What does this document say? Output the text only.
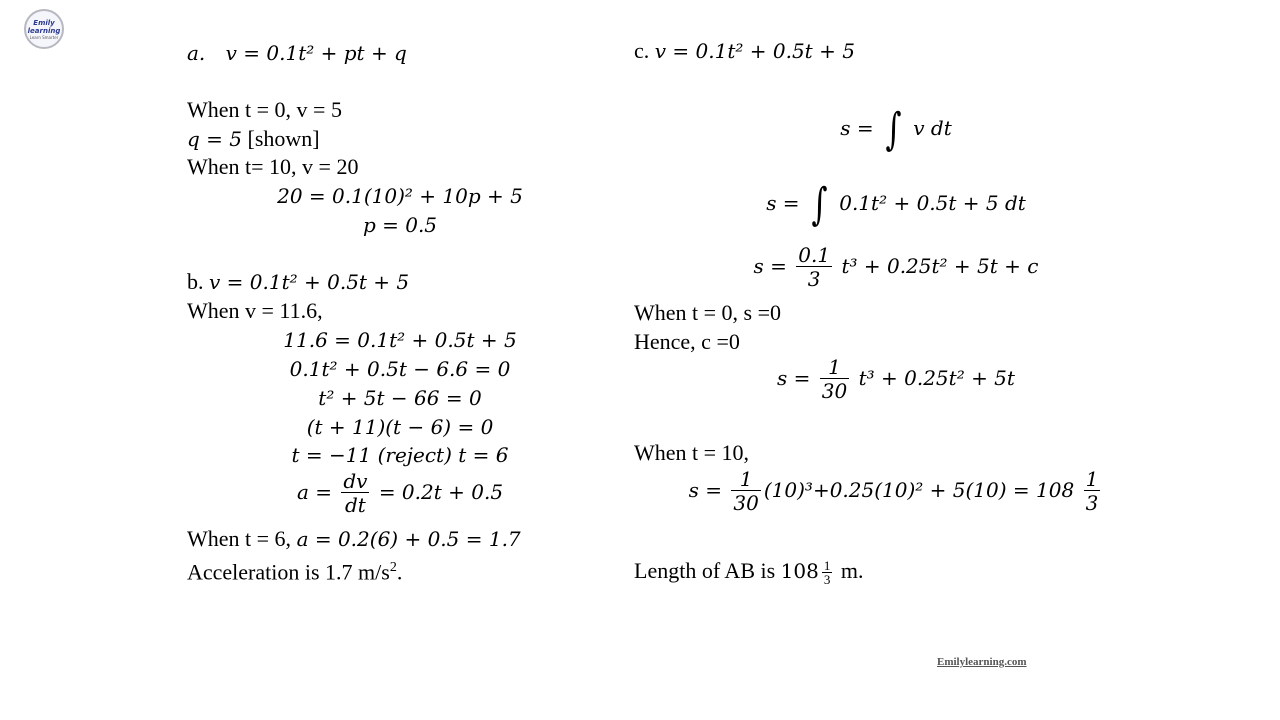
Emily
learning
Learn Smarter
a. v = 0.1t² + pt + q
When t = 0, v = 5
q = 5 [shown]
When t= 10, v = 20
20 = 0.1(10)² + 10p + 5
p = 0.5
b. v = 0.1t² + 0.5t + 5
When v = 11.6,
11.6 = 0.1t² + 0.5t + 5
0.1t² + 0.5t − 6.6 = 0
t² + 5t − 66 = 0
(t + 11)(t − 6) = 0
t = −11 (reject) t = 6
$a = \frac{dv}{dt} = 0.2t + 0.5$
When t = 6, a = 0.2(6) + 0.5 = 1.7
Acceleration is 1.7 $m/s^2$.
c. v = 0.1t² + 0.5t + 5
s = ∫ v dt
s = ∫ 0.1t² + 0.5t + 5 dt
$s = \frac{0.1}{3} t^3 + 0.25t^2 + 5t + c$
When t = 0, s =0
Hence, c =0
$s = \frac{1}{30} t^3 + 0.25t^2 + 5t$
When t = 10,
$s = \frac{1}{30} (10)^3+0.25(10)^2 + 5(10) = 108 \frac{1}{3}$
Length of AB is $108 \frac{1}{3} m$.
Emilylearning.com
